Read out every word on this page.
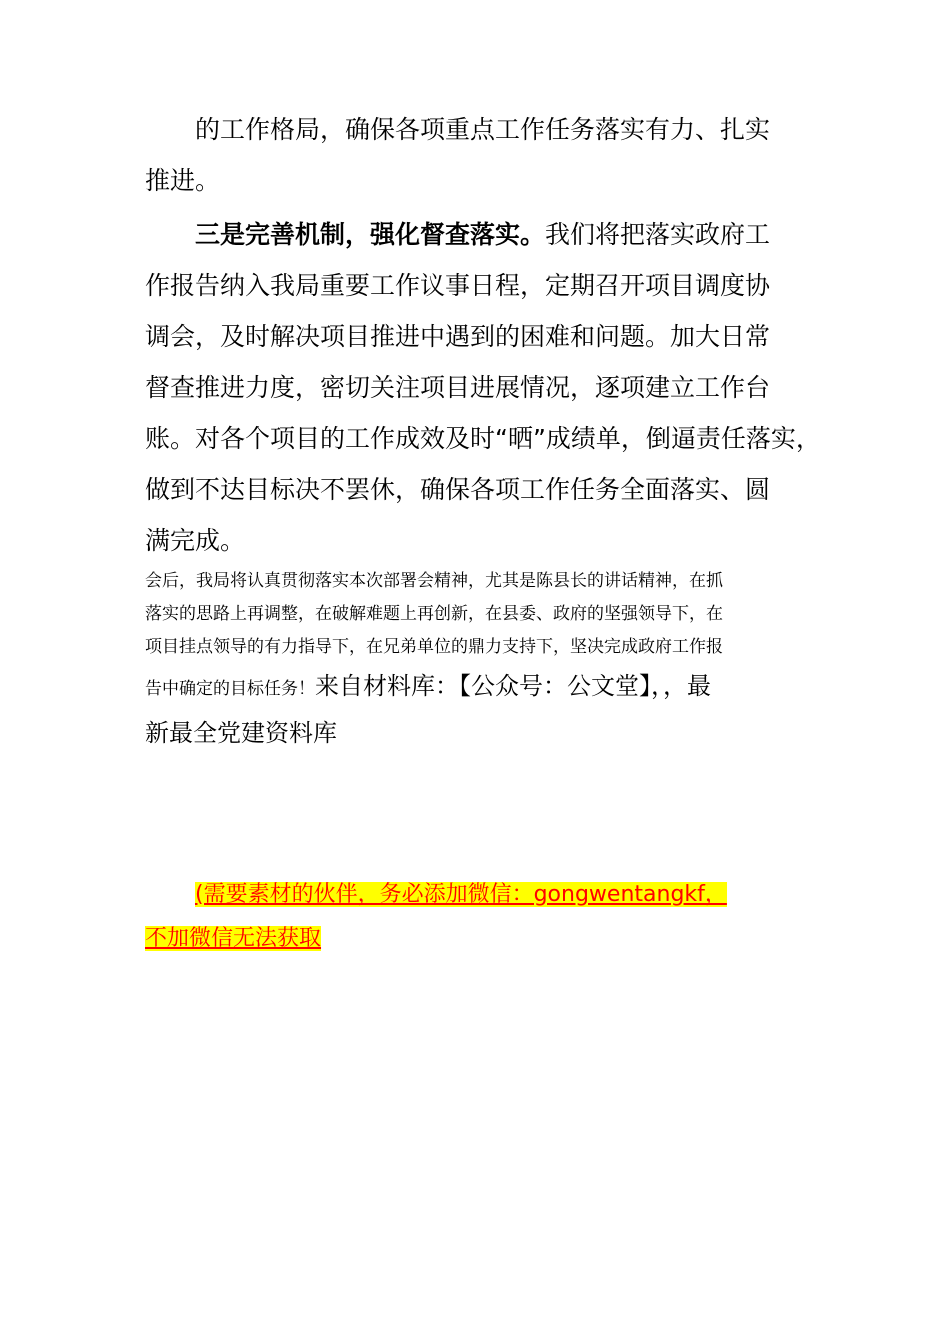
的工作格局，确保各项重点工作任务落实有力、扎实

推进。

三是完善机制，强化督查落实。我们将把落实政府工

作报告纳入我局重要工作议事日程，定期召开项目调度协

调会，及时解决项目推进中遇到的困难和问题。加大日常

督查推进力度，密切关注项目进展情况，逐项建立工作台

账。对各个项目的工作成效及时“晒”成绩单，倒逼责任落实，

做到不达目标决不罢休，确保各项工作任务全面落实、圆

满完成。

会后，我局将认真贯彻落实本次部署会精神，尤其是陈县长的讲话精神，在抓

落实的思路上再调整，在破解难题上再创新，在县委、政府的坚强领导下，在

项目挂点领导的有力指导下，在兄弟单位的鼎力支持下，坚决完成政府工作报

告中确定的目标任务！来自材料库：【公众号：公文堂】，，最

新最全党建资料库

(需要素材的伙伴，务必添加微信：gongwentangkf，

不加微信无法获取
